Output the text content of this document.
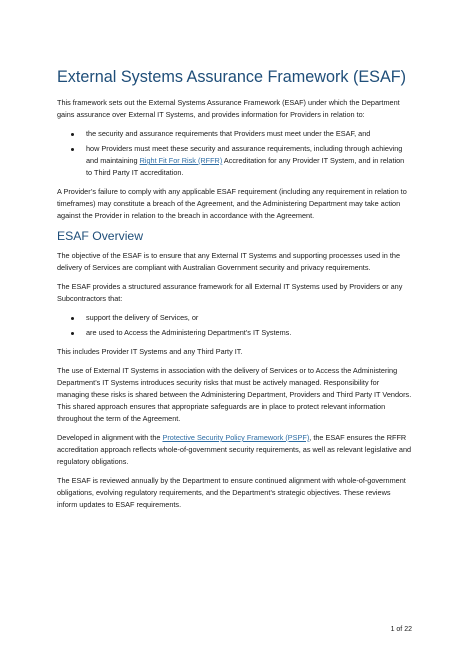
External Systems Assurance Framework (ESAF)

This framework sets out the External Systems Assurance Framework (ESAF) under which the Department gains assurance over External IT Systems, and provides information for Providers in relation to:

the security and assurance requirements that Providers must meet under the ESAF, and
how Providers must meet these security and assurance requirements, including through achieving and maintaining Right Fit For Risk (RFFR) Accreditation for any Provider IT System, and in relation to Third Party IT accreditation.

A Provider’s failure to comply with any applicable ESAF requirement (including any requirement in relation to timeframes) may constitute a breach of the Agreement, and the Administering Department may take action against the Provider in relation to the breach in accordance with the Agreement.

ESAF Overview

The objective of the ESAF is to ensure that any External IT Systems and supporting processes used in the delivery of Services are compliant with Australian Government security and privacy requirements.

The ESAF provides a structured assurance framework for all External IT Systems used by Providers or any Subcontractors that:

support the delivery of Services, or
are used to Access the Administering Department’s IT Systems.

This includes Provider IT Systems and any Third Party IT.

The use of External IT Systems in association with the delivery of Services or to Access the Administering Department’s IT Systems introduces security risks that must be actively managed. Responsibility for managing these risks is shared between the Administering Department, Providers and Third Party IT Vendors. This shared approach ensures that appropriate safeguards are in place to protect relevant information throughout the term of the Agreement.

Developed in alignment with the Protective Security Policy Framework (PSPF), the ESAF ensures the RFFR accreditation approach reflects whole-of-government security requirements, as well as relevant legislative and regulatory obligations.

The ESAF is reviewed annually by the Department to ensure continued alignment with whole-of-government obligations, evolving regulatory requirements, and the Department’s strategic objectives. These reviews inform updates to ESAF requirements.

1 of 22
